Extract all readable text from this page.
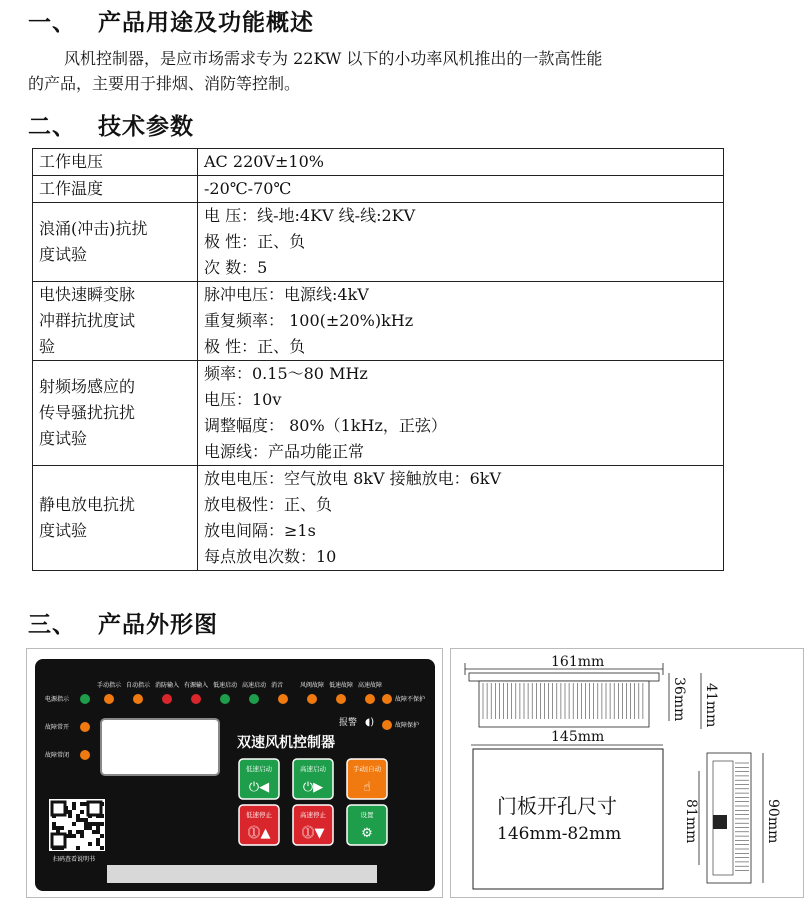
一、 产品用途及功能概述
风机控制器，是应市场需求专为 22KW 以下的小功率风机推出的一款高性能
的产品，主要用于排烟、消防等控制。
二、 技术参数
工作电压	AC 220V±10%

工作温度	-20℃-70℃

浪涌(冲击)抗扰
度试验	电 压：线-地:4KV 线-线:2KV
极 性：正、负
次 数：5

电快速瞬变脉
冲群抗扰度试
验	脉冲电压：电源线:4kV
重复频率： 100(±20%)kHz
极 性：正、负

射频场感应的
传导骚扰抗扰
度试验	频率：0.15～80 MHz
电压：10v
调整幅度： 80%（1kHz，正弦）
电源线：产品功能正常

静电放电抗扰
度试验	放电电压：空气放电 8kV 接触放电：6kV
放电极性：正、负
放电间隔：≥1s
每点放电次数：10
三、 产品外形图
手动指示 自动指示 消防输入 有源输入 低速启动 高速启动 消音	风阀故障 低速故障 高速故障
电源指示
故障常开
故障常闭
故障不保护
故障保护
报警 ◖)
双速风机控制器
低速启动
⏻◀
高速启动
⏻▶
手动|自动
☝
低速停止
⓵▲
高速停止
⓵▼
设置
⚙
扫码查看说明书
161mm
36mm 41mm
145mm
门板开孔尺寸
146mm-82mm	81mm	90mm
